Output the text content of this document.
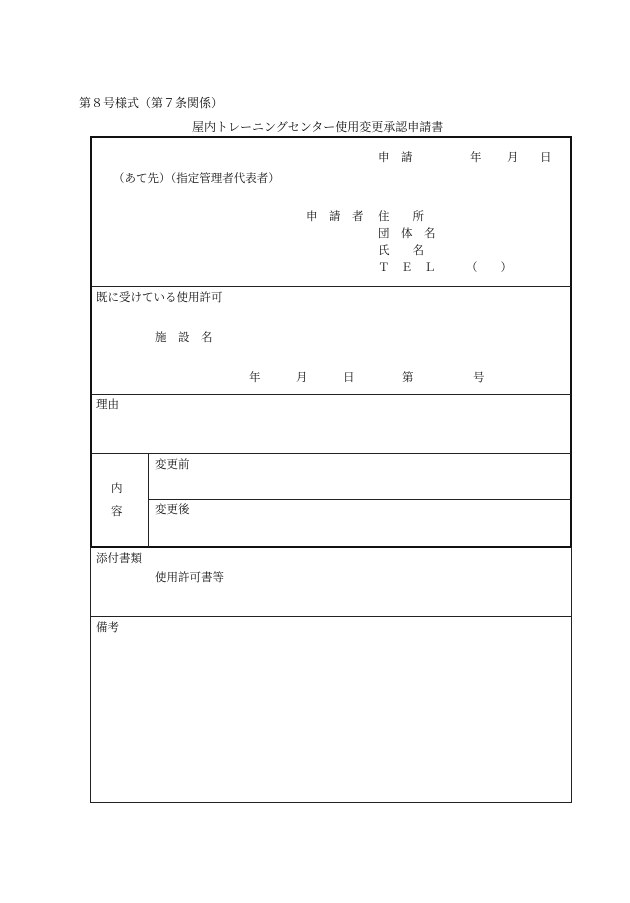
第８号様式（第７条関係）
屋内トレーニングセンター使用変更承認申請書
申　請	年 月 日
（あて先）（指定管理者代表者）
申　請　者 住　　所
団　体　名
氏　　名
Ｔ　Ｅ　Ｌ	（　　）
既に受けている使用許可
施　設　名
年	月	日	第	号
理由
内
容
変更前
変更後
添付書類
使用許可書等
備考
